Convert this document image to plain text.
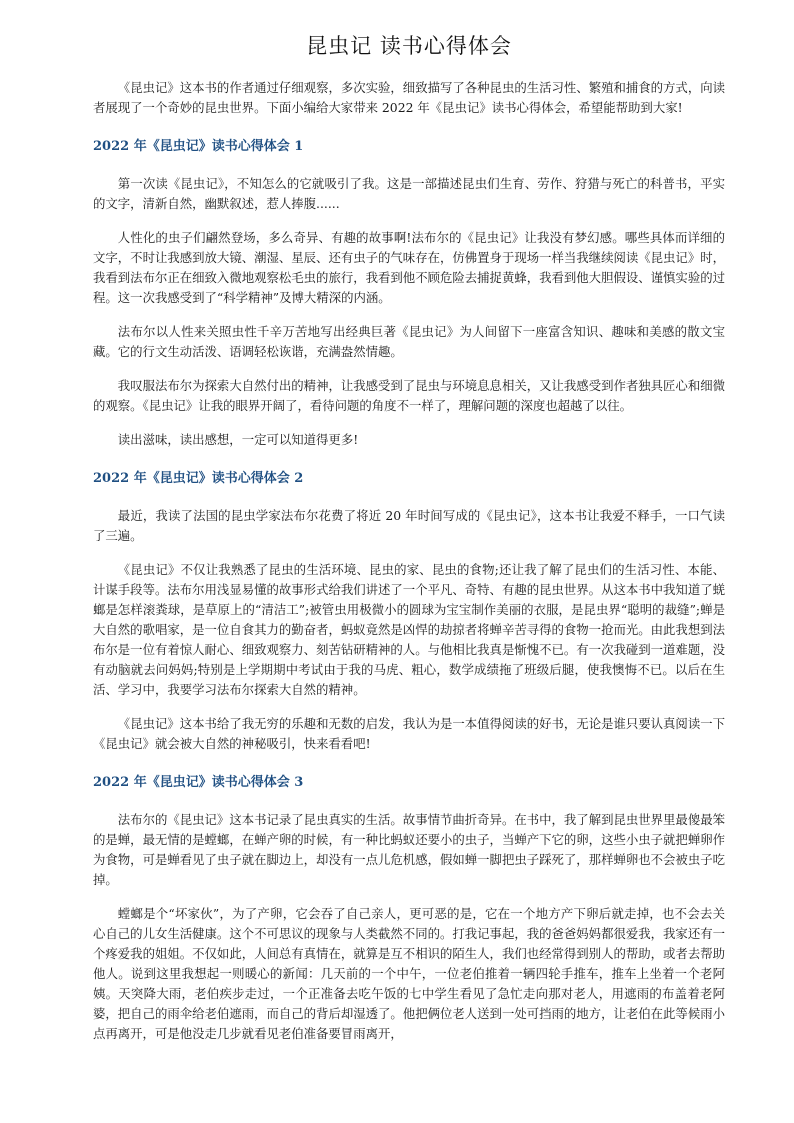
昆虫记 读书心得体会

《昆虫记》这本书的作者通过仔细观察，多次实验，细致描写了各种昆虫的生活习性、繁殖和捕食的方式，向读者展现了一个奇妙的昆虫世界。下面小编给大家带来 2022 年《昆虫记》读书心得体会，希望能帮助到大家!

2022 年《昆虫记》读书心得体会 1

第一次读《昆虫记》，不知怎么的它就吸引了我。这是一部描述昆虫们生育、劳作、狩猎与死亡的科普书，平实的文字，清新自然，幽默叙述，惹人捧腹......

人性化的虫子们翩然登场，多么奇异、有趣的故事啊!法布尔的《昆虫记》让我没有梦幻感。哪些具体而详细的文字，不时让我感到放大镜、潮湿、星辰、还有虫子的气味存在，仿佛置身于现场一样当我继续阅读《昆虫记》时，我看到法布尔正在细致入微地观察松毛虫的旅行，我看到他不顾危险去捕捉黄蜂，我看到他大胆假设、谨慎实验的过程。这一次我感受到了“科学精神”及博大精深的内涵。

法布尔以人性来关照虫性千辛万苦地写出经典巨著《昆虫记》为人间留下一座富含知识、趣味和美感的散文宝藏。它的行文生动活泼、语调轻松诙谐，充满盎然情趣。

我叹服法布尔为探索大自然付出的精神，让我感受到了昆虫与环境息息相关，又让我感受到作者独具匠心和细微的观察。《昆虫记》让我的眼界开阔了，看待问题的角度不一样了，理解问题的深度也超越了以往。

读出滋味，读出感想，一定可以知道得更多!

2022 年《昆虫记》读书心得体会 2

最近，我读了法国的昆虫学家法布尔花费了将近 20 年时间写成的《昆虫记》，这本书让我爱不释手，一口气读了三遍。

《昆虫记》不仅让我熟悉了昆虫的生活环境、昆虫的家、昆虫的食物;还让我了解了昆虫们的生活习性、本能、计谋手段等。法布尔用浅显易懂的故事形式给我们讲述了一个平凡、奇特、有趣的昆虫世界。从这本书中我知道了蜣螂是怎样滚粪球，是草原上的“清洁工”;被管虫用极微小的圆球为宝宝制作美丽的衣服，是昆虫界“聪明的裁缝”;蝉是大自然的歌唱家，是一位自食其力的勤奋者，蚂蚁竟然是凶悍的劫掠者将蝉辛苦寻得的食物一抢而光。由此我想到法布尔是一位有着惊人耐心、细致观察力、刻苦钻研精神的人。与他相比我真是惭愧不已。有一次我碰到一道难题，没有动脑就去问妈妈;特别是上学期期中考试由于我的马虎、粗心，数学成绩拖了班级后腿，使我懊悔不已。以后在生活、学习中，我要学习法布尔探索大自然的精神。

《昆虫记》这本书给了我无穷的乐趣和无数的启发，我认为是一本值得阅读的好书，无论是谁只要认真阅读一下《昆虫记》就会被大自然的神秘吸引，快来看看吧!

2022 年《昆虫记》读书心得体会 3

法布尔的《昆虫记》这本书记录了昆虫真实的生活。故事情节曲折奇异。在书中，我了解到昆虫世界里最傻最笨的是蝉，最无情的是螳螂，在蝉产卵的时候，有一种比蚂蚁还要小的虫子，当蝉产下它的卵，这些小虫子就把蝉卵作为食物，可是蝉看见了虫子就在脚边上，却没有一点儿危机感，假如蝉一脚把虫子踩死了，那样蝉卵也不会被虫子吃掉。

螳螂是个“坏家伙”，为了产卵，它会吞了自己亲人，更可恶的是，它在一个地方产下卵后就走掉，也不会去关心自己的儿女生活健康。这个不可思议的现象与人类截然不同的。打我记事起，我的爸爸妈妈都很爱我，我家还有一个疼爱我的姐姐。不仅如此，人间总有真情在，就算是互不相识的陌生人，我们也经常得到别人的帮助，或者去帮助他人。说到这里我想起一则暖心的新闻：几天前的一个中午，一位老伯推着一辆四轮手推车，推车上坐着一个老阿姨。天突降大雨，老伯疾步走过，一个正准备去吃午饭的七中学生看见了急忙走向那对老人，用遮雨的布盖着老阿婆，把自己的雨伞给老伯遮雨，而自己的背后却湿透了。他把俩位老人送到一处可挡雨的地方，让老伯在此等候雨小点再离开，可是他没走几步就看见老伯准备要冒雨离开，
